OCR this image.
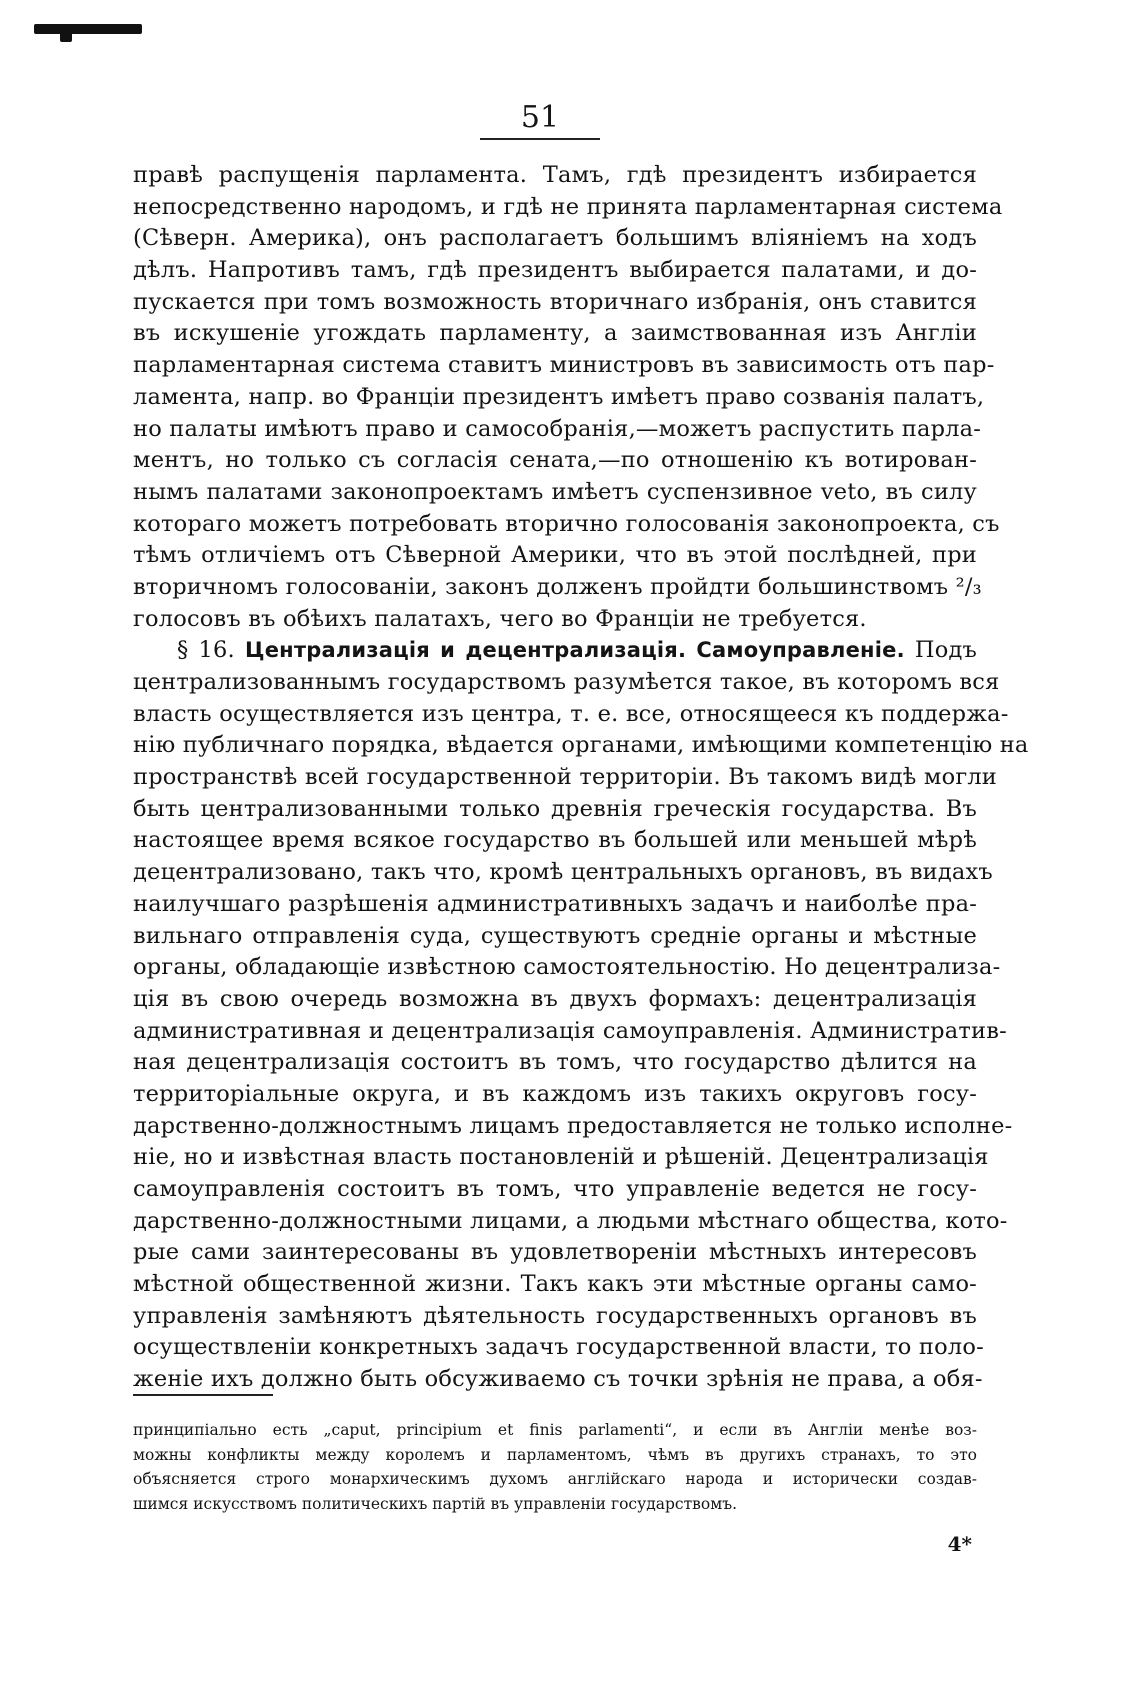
51
правѣ распущенія парламента. Тамъ, гдѣ президентъ избирается
непосредственно народомъ, и гдѣ не принята парламентарная система
(Сѣверн. Америка), онъ располагаетъ большимъ вліяніемъ на ходъ
дѣлъ. Напротивъ тамъ, гдѣ президентъ выбирается палатами, и до-
пускается при томъ возможность вторичнаго избранія, онъ ставится
въ искушеніе угождать парламенту, а заимствованная изъ Англіи
парламентарная система ставитъ министровъ въ зависимость отъ пар-
ламента, напр. во Франціи президентъ имѣетъ право созванія палатъ,
но палаты имѣютъ право и самособранія,—можетъ распустить парла-
ментъ, но только съ согласія сената,—по отношенію къ вотирован-
нымъ палатами законопроектамъ имѣетъ суспензивное veto, въ силу
котораго можетъ потребовать вторично голосованія законопроекта, съ
тѣмъ отличіемъ отъ Сѣверной Америки, что въ этой послѣдней, при
вторичномъ голосованіи, законъ долженъ пройдти большинствомъ ²/₃
голосовъ въ обѣихъ палатахъ, чего во Франціи не требуется.
§ 16. Централизація и децентрализація. Самоуправленіе. Подъ
централизованнымъ государствомъ разумѣется такое, въ которомъ вся
власть осуществляется изъ центра, т. е. все, относящееся къ поддержа-
нію публичнаго порядка, вѣдается органами, имѣющими компетенцію на
пространствѣ всей государственной территоріи. Въ такомъ видѣ могли
быть централизованными только древнія греческія государства. Въ
настоящее время всякое государство въ большей или меньшей мѣрѣ
децентрализовано, такъ что, кромѣ центральныхъ органовъ, въ видахъ
наилучшаго разрѣшенія административныхъ задачъ и наиболѣе пра-
вильнаго отправленія суда, существуютъ средніе органы и мѣстные
органы, обладающіе извѣстною самостоятельностію. Но децентрализа-
ція въ свою очередь возможна въ двухъ формахъ: децентрализація
административная и децентрализація самоуправленія. Административ-
ная децентрализація состоитъ въ томъ, что государство дѣлится на
территоріальные округа, и въ каждомъ изъ такихъ округовъ госу-
дарственно-должностнымъ лицамъ предоставляется не только исполне-
ніе, но и извѣстная власть постановленій и рѣшеній. Децентрализація
самоуправленія состоитъ въ томъ, что управленіе ведется не госу-
дарственно-должностными лицами, а людьми мѣстнаго общества, кото-
рые сами заинтересованы въ удовлетвореніи мѣстныхъ интересовъ
мѣстной общественной жизни. Такъ какъ эти мѣстные органы само-
управленія замѣняютъ дѣятельность государственныхъ органовъ въ
осуществленіи конкретныхъ задачъ государственной власти, то поло-
женіе ихъ должно быть обсуживаемо съ точки зрѣнія не права, а обя-
принципіально есть „caput, principium et finis parlamenti“, и если въ Англіи менѣе воз-
можны конфликты между королемъ и парламентомъ, чѣмъ въ другихъ странахъ, то это
объясняется строго монархическимъ духомъ англійскаго народа и исторически создав-
шимся искусствомъ политическихъ партій въ управленіи государствомъ.
4*
